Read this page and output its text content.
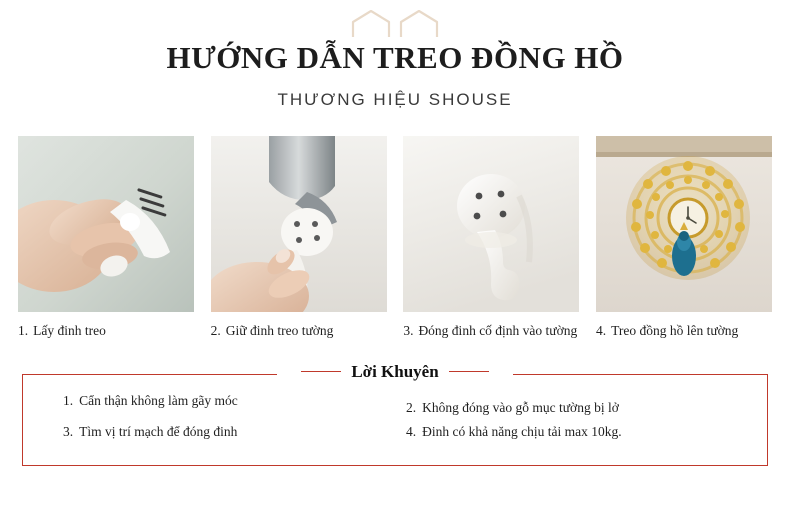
HƯỚNG DẪN TREO ĐỒNG HỒ
THƯƠNG HIỆU SHOUSE
1. Lấy đinh treo	2. Giữ đinh treo tường	3. Đóng đinh cố định vào tường 4. Treo đồng hồ lên tường
Lời Khuyên
1. Cẩn thận không làm gãy móc	2. Không đóng vào gỗ mục tường bị lở
3. Tìm vị trí mạch để đóng đinh	4. Đinh có khả năng chịu tải max 10kg.
